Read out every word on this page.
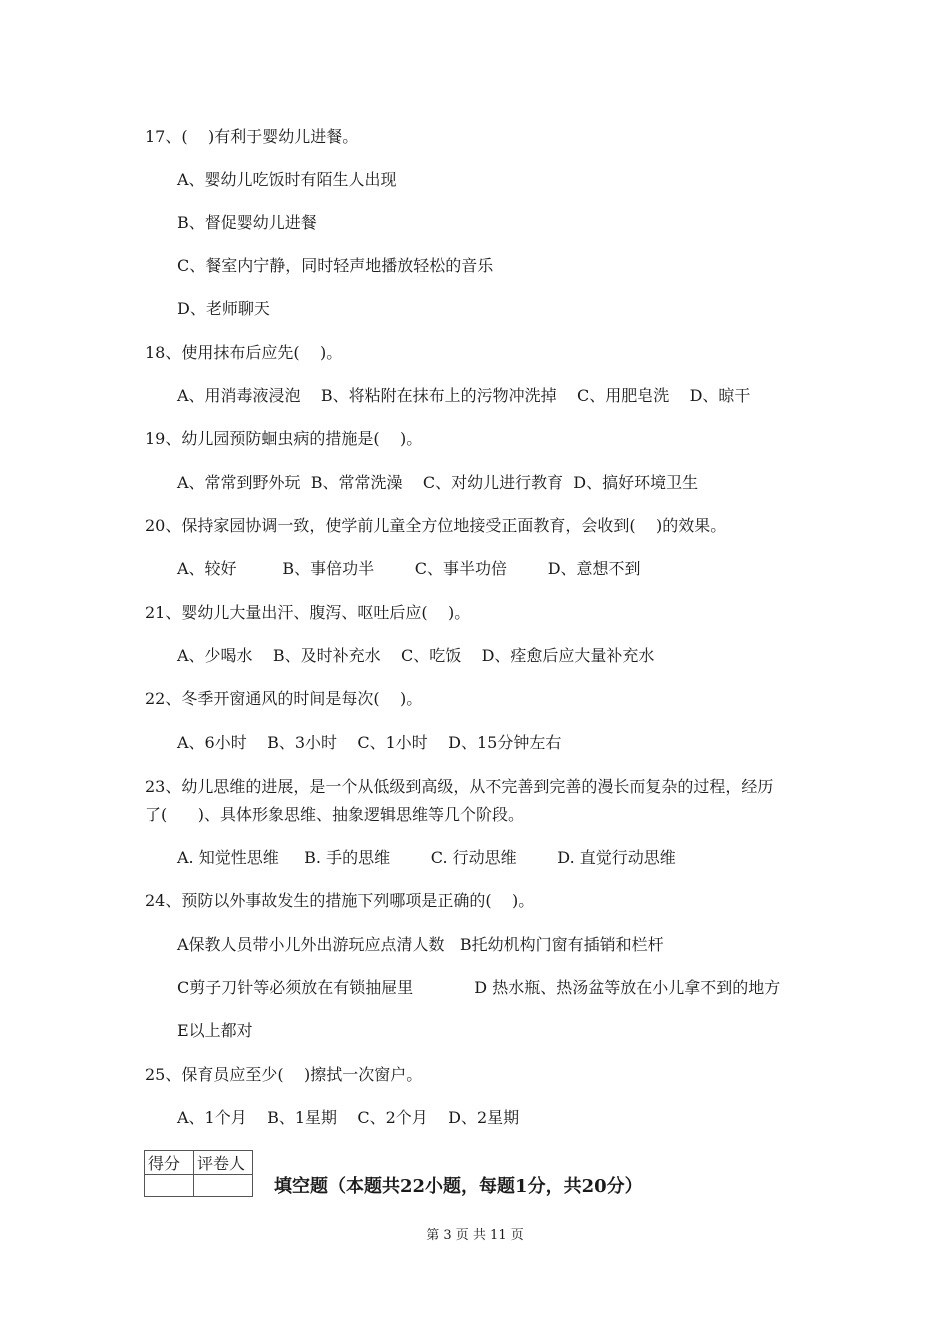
17、(    )有利于婴幼儿进餐。
A、婴幼儿吃饭时有陌生人出现
B、督促婴幼儿进餐
C、餐室内宁静，同时轻声地播放轻松的音乐
D、老师聊天
18、使用抹布后应先(    )。
A、用消毒液浸泡    B、将粘附在抹布上的污物冲洗掉    C、用肥皂洗    D、晾干
19、幼儿园预防蛔虫病的措施是(    )。
A、常常到野外玩  B、常常洗澡    C、对幼儿进行教育  D、搞好环境卫生
20、保持家园协调一致，使学前儿童全方位地接受正面教育，会收到(    )的效果。
A、较好         B、事倍功半        C、事半功倍        D、意想不到
21、婴幼儿大量出汗、腹泻、呕吐后应(    )。
A、少喝水    B、及时补充水    C、吃饭    D、痊愈后应大量补充水
22、冬季开窗通风的时间是每次(    )。
A、6小时    B、3小时    C、1小时    D、15分钟左右
23、幼儿思维的进展，是一个从低级到高级，从不完善到完善的漫长而复杂的过程，经历
了(      )、具体形象思维、抽象逻辑思维等几个阶段。
A. 知觉性思维     B. 手的思维        C. 行动思维        D. 直觉行动思维
24、预防以外事故发生的措施下列哪项是正确的(    )。
A保教人员带小儿外出游玩应点清人数   B托幼机构门窗有插销和栏杆
C剪子刀针等必须放在有锁抽屉里            D 热水瓶、热汤盆等放在小儿拿不到的地方
E以上都对
25、保育员应至少(    )擦拭一次窗户。
A、1个月    B、1星期    C、2个月    D、2星期
得分	评卷人

填空题（本题共22小题，每题1分，共20分）
第 3 页 共 11 页
